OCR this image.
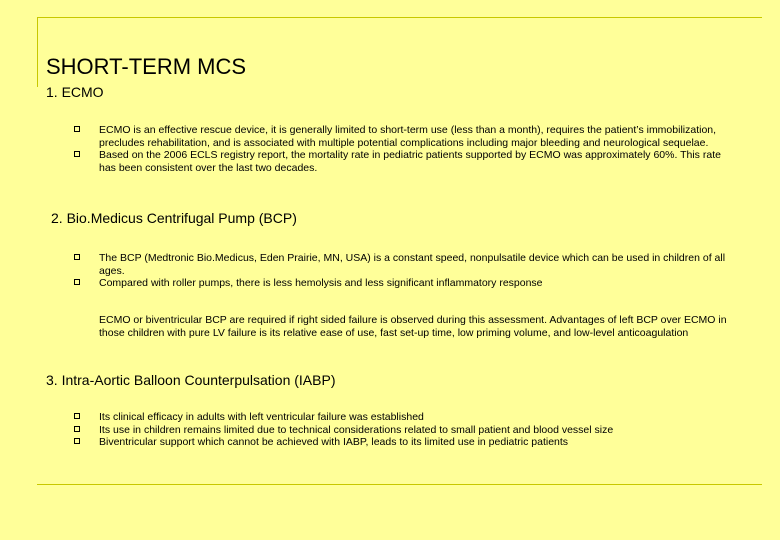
SHORT-TERM MCS
1. ECMO
ECMO is an effective rescue device, it is generally limited to short-term use (less than a month), requires the patient’s immobilization, precludes rehabilitation, and is associated with multiple potential complications including major bleeding and neurological sequelae.
Based on the 2006 ECLS registry report, the mortality rate in pediatric patients supported by ECMO was approximately 60%. This rate has been consistent over the last two decades.
2. Bio.Medicus Centrifugal Pump (BCP)
The BCP (Medtronic Bio.Medicus, Eden Prairie, MN, USA) is a constant speed, nonpulsatile device which can be used in children of all ages.
Compared with roller pumps, there is less hemolysis and less significant inflammatory response
ECMO or biventricular BCP are required if right sided failure is observed during this assessment. Advantages of left BCP over ECMO in those children with pure LV failure is its relative ease of use, fast set-up time, low priming volume, and low-level anticoagulation
3. Intra-Aortic Balloon Counterpulsation (IABP)
Its clinical efficacy in adults with left ventricular failure was established
Its use in children remains limited due to technical considerations related to small patient and blood vessel size
Biventricular support which cannot be achieved with IABP, leads to its limited use in pediatric patients
